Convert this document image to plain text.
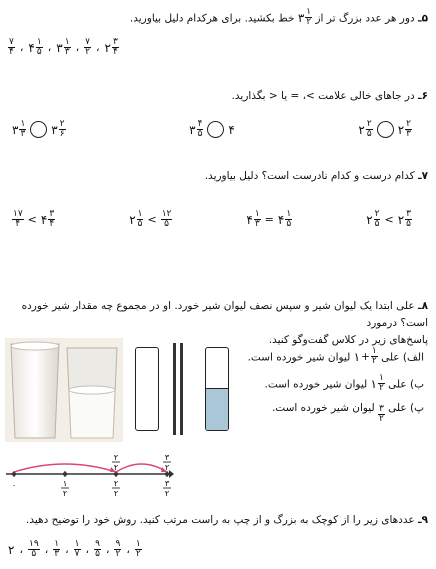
۵ـ دور هر عدد بزرگ تر از
۳ $\frac{۱}{۲}$
خط بکشید. برای هرکدام دلیل بیاورید.
$\frac{۷}{۴}$ ، ۴ $\frac{۱}{۵}$ ، ۳ $\frac{۱}{۳}$ ، $\frac{۷}{۲}$ ، ۲ $\frac{۳}{۴}$
۶ـ در جاهای خالی علامت >، = یا < بگذارید.
۳ $\frac{۱}{۳}$ ۳ $\frac{۲}{۶}$	۳ $\frac{۴}{۵}$ ۴	۲ $\frac{۲}{۵}$ ۲ $\frac{۲}{۳}$
۷ـ کدام درست و کدام نادرست است؟ دلیل بیاورید.
$\frac{۱۷}{۴}$ < ۴ $\frac{۳}{۴}$	۲ $\frac{۱}{۵} < \frac{۱۲}{۵}$	۴ $\frac{۱}{۳}$ = ۴ $\frac{۱}{۵}$	۲ $\frac{۲}{۵}$ < ۲ $\frac{۳}{۵}$
۸ـ علی ابتدا یک لیوان شیر و سپس نصف لیوان شیر خورد. او در مجموع چه مقدار شیر خورده است؟ درمورد
پاسخ‌های زیر در کلاس گفت‌وگو کنید.
الف) علی
۱ + $\frac{۱}{۲}$
لیوان شیر خورده است.
ب) علی
۱ $\frac{۱}{۲}$
لیوان شیر خورده است.
پ) علی
$\frac{۳}{۲}$
لیوان شیر خورده است.
۰	۱
۲
۲
۲
۳
۲
۲
۲
۳
۲
۹ـ عددهای زیر را از کوچک به بزرگ و از چپ به راست مرتب کنید. روش خود را توضیح دهید.
۲ ، $\frac{۱۹}{۵}$ ، $\frac{۱}{۳}$ ، $\frac{۱}{۷}$ ، $\frac{۹}{۵}$ ، $\frac{۹}{۲}$ ، $\frac{۱}{۲}$
